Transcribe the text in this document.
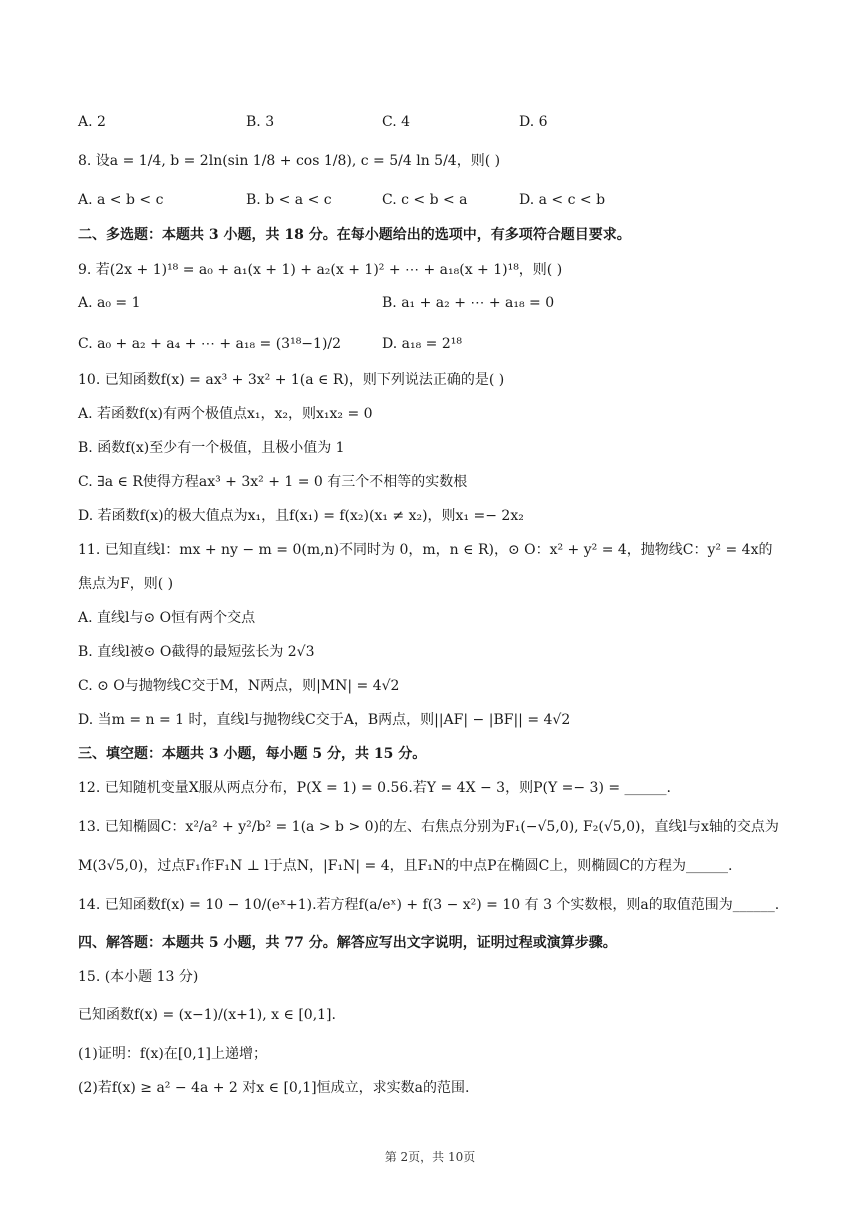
A. 2	B. 3	C. 4	D. 6
8. 设a = 1/4, b = 2ln(sin 1/8 + cos 1/8), c = 5/4 ln 5/4，则( )
A. a < b < c	B. b < a < c	C. c < b < a	D. a < c < b
二、多选题：本题共 3 小题，共 18 分。在每小题给出的选项中，有多项符合题目要求。
9. 若(2x + 1)¹⁸ = a₀ + a₁(x + 1) + a₂(x + 1)² + ⋯ + a₁₈(x + 1)¹⁸，则( )
A. a₀ = 1	B. a₁ + a₂ + ⋯ + a₁₈ = 0
C. a₀ + a₂ + a₄ + ⋯ + a₁₈ = (3¹⁸−1)/2	D. a₁₈ = 2¹⁸
10. 已知函数f(x) = ax³ + 3x² + 1(a ∈ R)，则下列说法正确的是( )
A. 若函数f(x)有两个极值点x₁，x₂，则x₁x₂ = 0
B. 函数f(x)至少有一个极值，且极小值为 1
C. ∃a ∈ R使得方程ax³ + 3x² + 1 = 0 有三个不相等的实数根
D. 若函数f(x)的极大值点为x₁，且f(x₁) = f(x₂)(x₁ ≠ x₂)，则x₁ =− 2x₂
11. 已知直线l：mx + ny − m = 0(m,n)不同时为 0，m，n ∈ R)，⊙ O：x² + y² = 4，抛物线C：y² = 4x的
焦点为F，则( )
A. 直线l与⊙ O恒有两个交点
B. 直线l被⊙ O截得的最短弦长为 2√3
C. ⊙ O与抛物线C交于M，N两点，则|MN| = 4√2
D. 当m = n = 1 时，直线l与抛物线C交于A，B两点，则||AF| − |BF|| = 4√2
三、填空题：本题共 3 小题，每小题 5 分，共 15 分。
12. 已知随机变量X服从两点分布，P(X = 1) = 0.56.若Y = 4X − 3，则P(Y =− 3) = ______.
13. 已知椭圆C：x²/a² + y²/b² = 1(a > b > 0)的左、右焦点分别为F₁(−√5,0), F₂(√5,0)，直线l与x轴的交点为
M(3√5,0)，过点F₁作F₁N ⊥ l于点N，|F₁N| = 4，且F₁N的中点P在椭圆C上，则椭圆C的方程为______.
14. 已知函数f(x) = 10 − 10/(eˣ+1).若方程f(a/eˣ) + f(3 − x²) = 10 有 3 个实数根，则a的取值范围为______.
四、解答题：本题共 5 小题，共 77 分。解答应写出文字说明，证明过程或演算步骤。
15. (本小题 13 分)
已知函数f(x) = (x−1)/(x+1), x ∈ [0,1].
(1)证明：f(x)在[0,1]上递增；
(2)若f(x) ≥ a² − 4a + 2 对x ∈ [0,1]恒成立，求实数a的范围.
第 2页，共 10页
